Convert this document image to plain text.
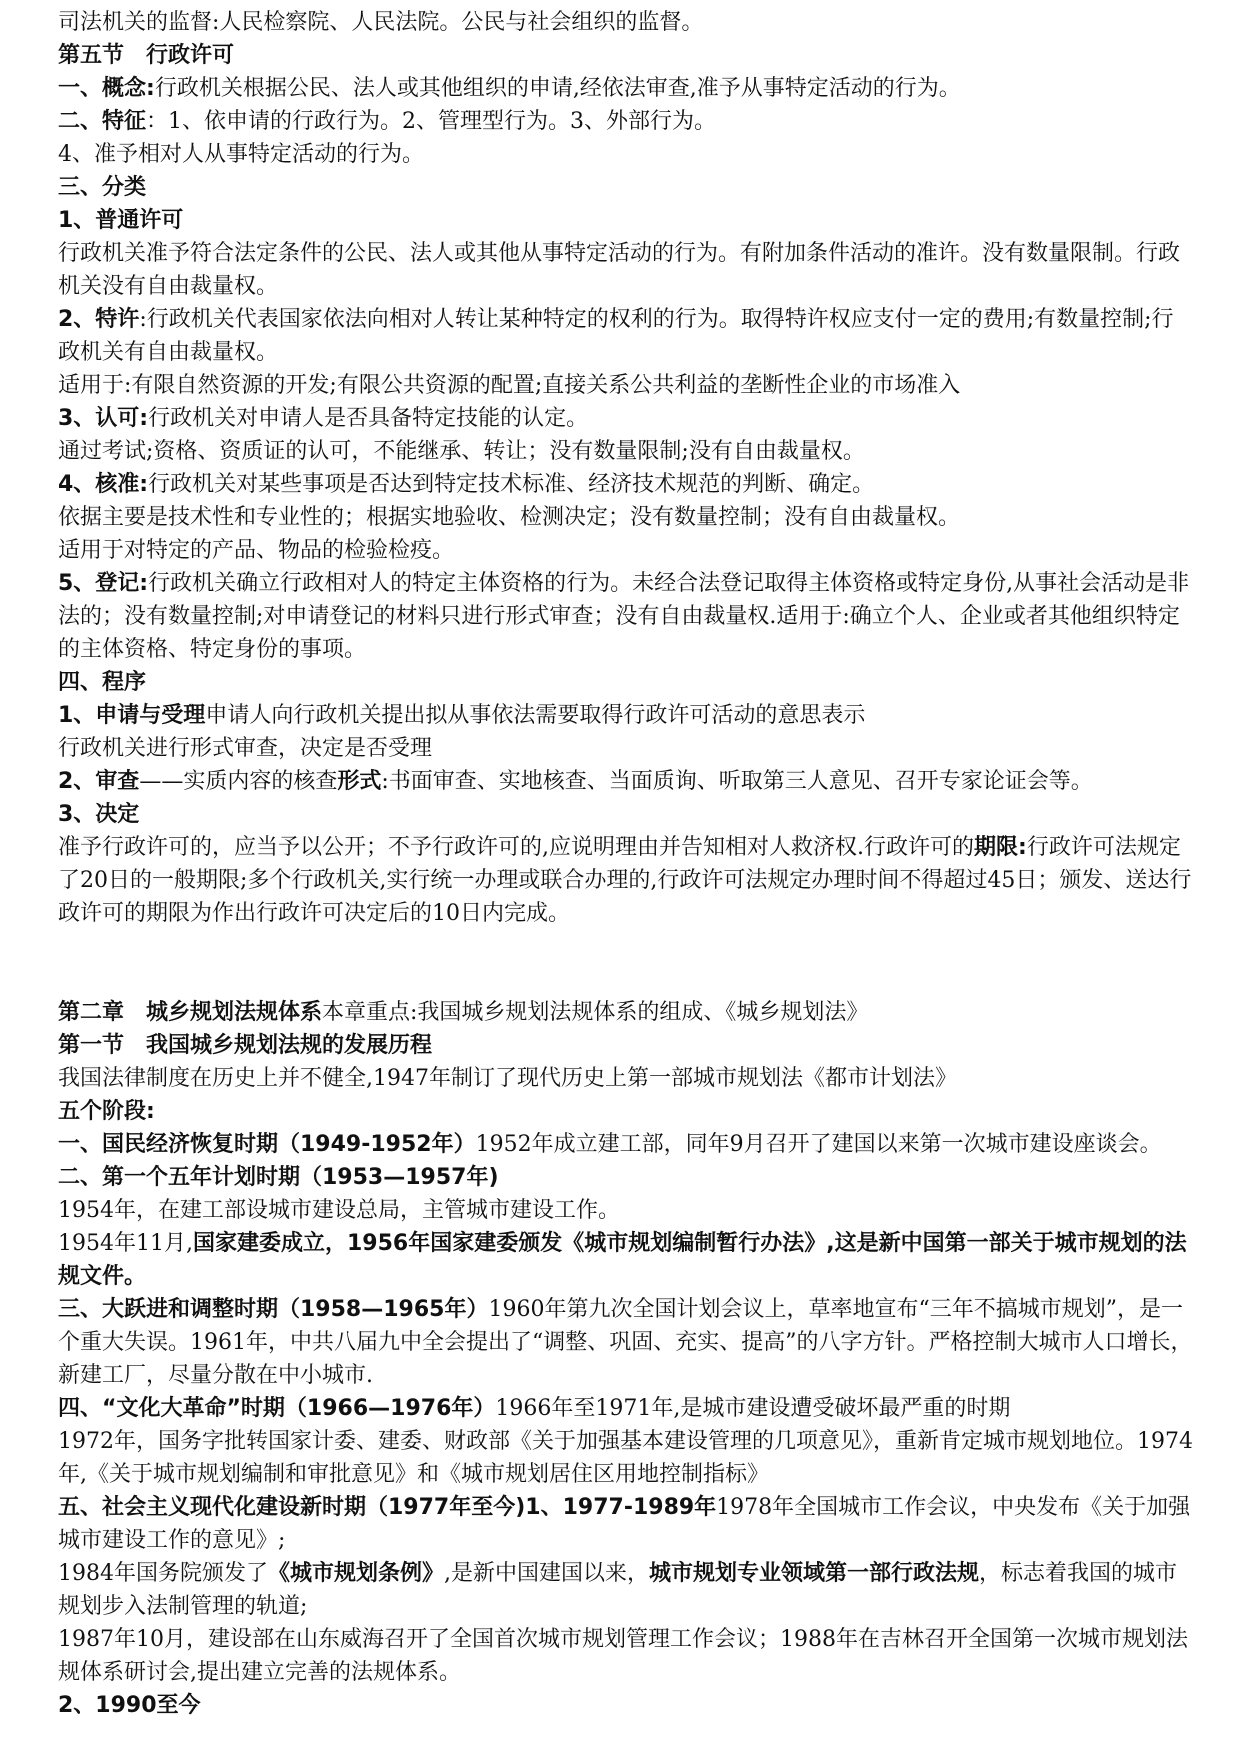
司法机关的监督:人民检察院、人民法院。公民与社会组织的监督。

第五节　行政许可

一、概念:行政机关根据公民、法人或其他组织的申请,经依法审查,准予从事特定活动的行为。

二、特征：1、依申请的行政行为。2、管理型行为。3、外部行为。

4、准予相对人从事特定活动的行为。

三、分类

1、普通许可

行政机关准予符合法定条件的公民、法人或其他从事特定活动的行为。有附加条件活动的准许。没有数量限制。行政机关没有自由裁量权。

2、特许:行政机关代表国家依法向相对人转让某种特定的权利的行为。取得特许权应支付一定的费用;有数量控制;行政机关有自由裁量权。

适用于:有限自然资源的开发;有限公共资源的配置;直接关系公共利益的垄断性企业的市场准入

3、认可:行政机关对申请人是否具备特定技能的认定。

通过考试;资格、资质证的认可，不能继承、转让；没有数量限制;没有自由裁量权。

4、核准:行政机关对某些事项是否达到特定技术标准、经济技术规范的判断、确定。

依据主要是技术性和专业性的；根据实地验收、检测决定；没有数量控制；没有自由裁量权。

适用于对特定的产品、物品的检验检疫。

5、登记:行政机关确立行政相对人的特定主体资格的行为。未经合法登记取得主体资格或特定身份,从事社会活动是非法的；没有数量控制;对申请登记的材料只进行形式审查；没有自由裁量权.适用于:确立个人、企业或者其他组织特定的主体资格、特定身份的事项。

四、程序

1、申请与受理申请人向行政机关提出拟从事依法需要取得行政许可活动的意思表示

行政机关进行形式审查，决定是否受理

2、审查——实质内容的核查形式:书面审查、实地核查、当面质询、听取第三人意见、召开专家论证会等。

3、决定

准予行政许可的，应当予以公开；不予行政许可的,应说明理由并告知相对人救济权.行政许可的期限:行政许可法规定了20日的一般期限;多个行政机关,实行统一办理或联合办理的,行政许可法规定办理时间不得超过45日；颁发、送达行政许可的期限为作出行政许可决定后的10日内完成。

第二章　城乡规划法规体系本章重点:我国城乡规划法规体系的组成、《城乡规划法》

第一节　我国城乡规划法规的发展历程

我国法律制度在历史上并不健全,1947年制订了现代历史上第一部城市规划法《都市计划法》

五个阶段:

一、国民经济恢复时期（1949-1952年）1952年成立建工部，同年9月召开了建国以来第一次城市建设座谈会。二、第一个五年计划时期（1953—1957年)

1954年，在建工部设城市建设总局，主管城市建设工作。

1954年11月,国家建委成立，1956年国家建委颁发《城市规划编制暂行办法》,这是新中国第一部关于城市规划的法规文件。

三、大跃进和调整时期（1958—1965年）1960年第九次全国计划会议上，草率地宣布“三年不搞城市规划”，是一个重大失误。1961年，中共八届九中全会提出了“调整、巩固、充实、提高”的八字方针。严格控制大城市人口增长，新建工厂，尽量分散在中小城市.

四、“文化大革命”时期（1966—1976年）1966年至1971年,是城市建设遭受破坏最严重的时期

1972年，国务字批转国家计委、建委、财政部《关于加强基本建设管理的几项意见》，重新肯定城市规划地位。1974年,《关于城市规划编制和审批意见》和《城市规划居住区用地控制指标》

五、社会主义现代化建设新时期（1977年至今)1、1977-1989年1978年全国城市工作会议，中央发布《关于加强城市建设工作的意见》;

1984年国务院颁发了《城市规划条例》,是新中国建国以来，城市规划专业领域第一部行政法规，标志着我国的城市规划步入法制管理的轨道;

1987年10月，建设部在山东威海召开了全国首次城市规划管理工作会议；1988年在吉林召开全国第一次城市规划法规体系研讨会,提出建立完善的法规体系。

2、1990至今
